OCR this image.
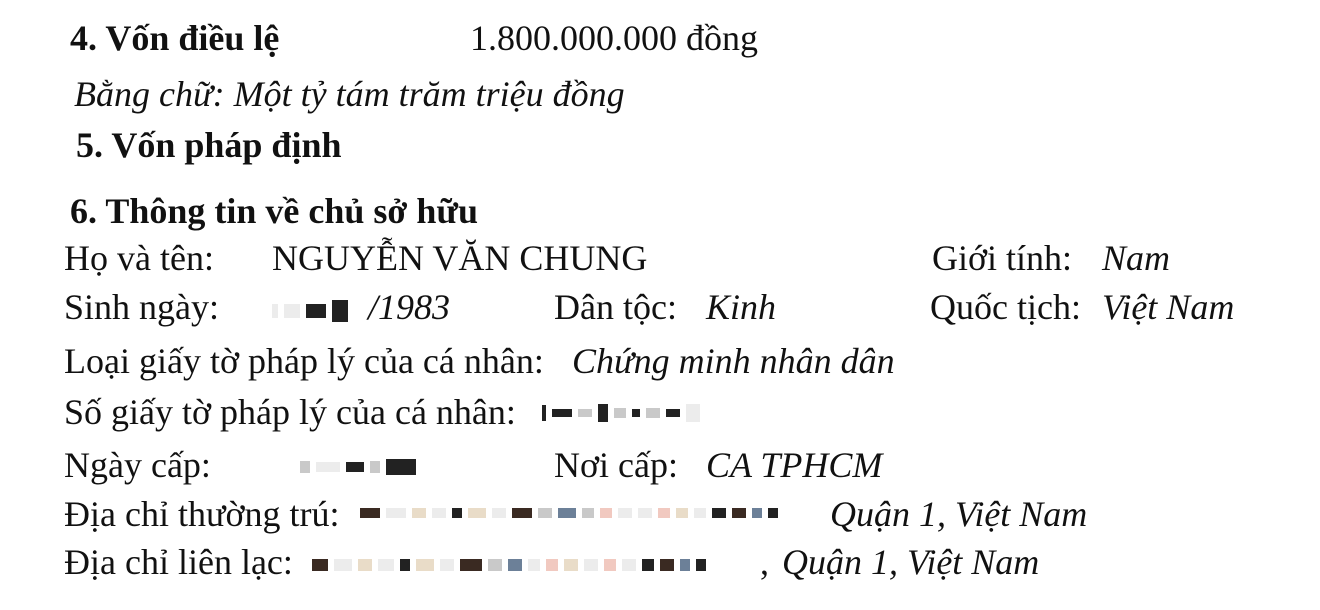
4. Vốn điều lệ	1.800.000.000 đồng
Bằng chữ: Một tỷ tám trăm triệu đồng
5. Vốn pháp định
6. Thông tin về chủ sở hữu
Họ và tên: NGUYỄN VĂN CHUNG	Giới tính: Nam
Sinh ngày:	/1983	Dân tộc: Kinh	Quốc tịch: Việt Nam
Loại giấy tờ pháp lý của cá nhân: Chứng minh nhân dân
Số giấy tờ pháp lý của cá nhân:
Ngày cấp:	Nơi cấp: CA TPHCM
Địa chỉ thường trú:	Quận 1, Việt Nam
Địa chỉ liên lạc:	, Quận 1, Việt Nam
